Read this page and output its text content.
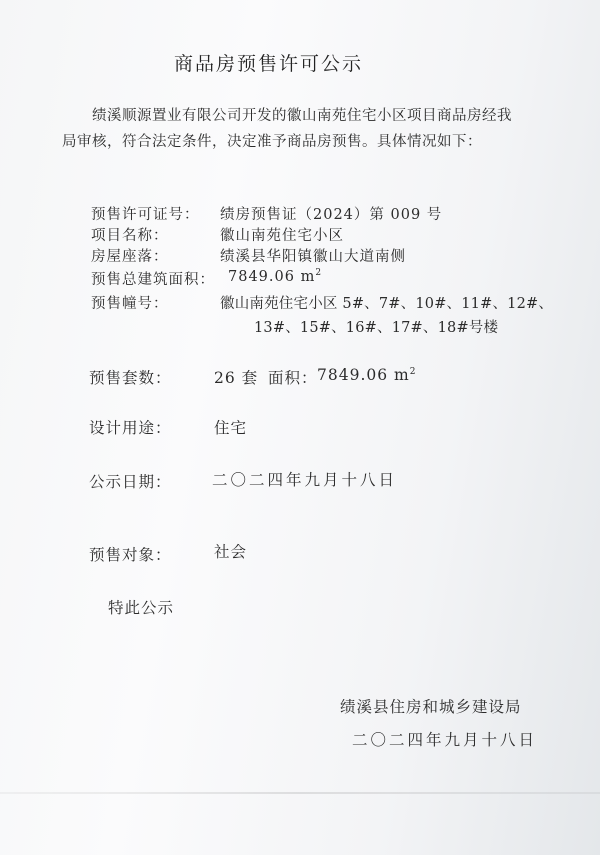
商品房预售许可公示
绩溪顺源置业有限公司开发的徽山南苑住宅小区项目商品房经我局审核，符合法定条件，决定准予商品房预售。具体情况如下：
预售许可证号： 绩房预售证（2024）第 009 号
项目名称：	徽山南苑住宅小区
房屋座落：	绩溪县华阳镇徽山大道南侧
预售总建筑面积： 7849.06 $m^2$
预售幢号：	徽山南苑住宅小区 5#、7#、10#、11#、12#、
13#、15#、16#、17#、18#号楼
预售套数：	26 套 面积： 7849.06 $m^2$
设计用途：	住宅
公示日期：	二〇二四年九月十八日
预售对象：	社会
特此公示
绩溪县住房和城乡建设局
二〇二四年九月十八日
